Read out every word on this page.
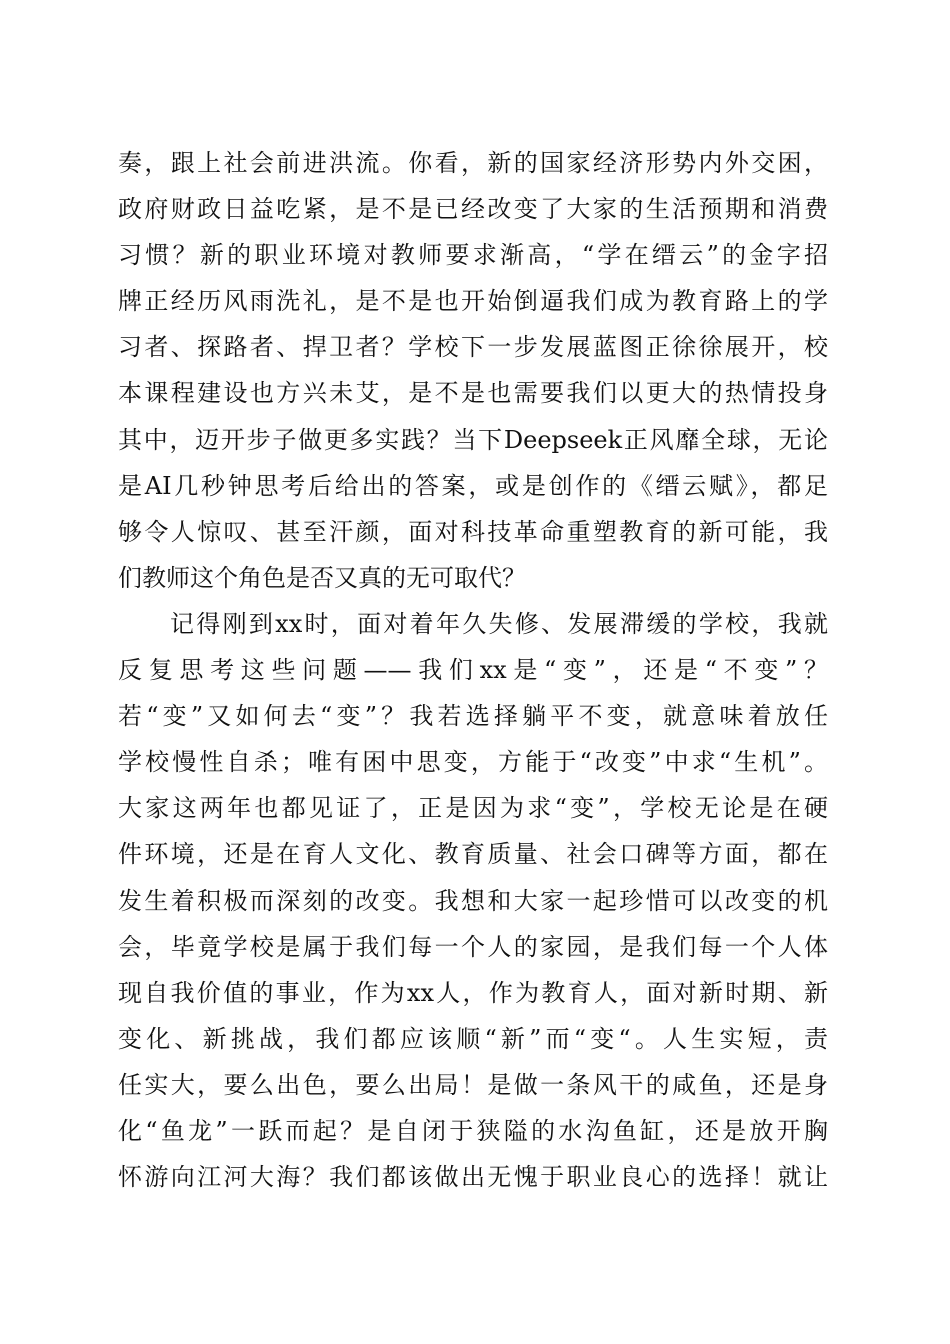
奏，跟上社会前进洪流。你看，新的国家经济形势内外交困，
政府财政日益吃紧，是不是已经改变了大家的生活预期和消费
习惯？新的职业环境对教师要求渐高，“学在缙云”的金字招
牌正经历风雨洗礼，是不是也开始倒逼我们成为教育路上的学
习者、探路者、捍卫者？学校下一步发展蓝图正徐徐展开，校
本课程建设也方兴未艾，是不是也需要我们以更大的热情投身
其中，迈开步子做更多实践？当下Deepseek正风靡全球，无论
是AI几秒钟思考后给出的答案，或是创作的《缙云赋》，都足
够令人惊叹、甚至汗颜，面对科技革命重塑教育的新可能，我
们教师这个角色是否又真的无可取代？
记得刚到xx时，面对着年久失修、发展滞缓的学校，我就
反复思考这些问题——我们xx是“变”，还是“不变”？
若“变”又如何去“变”？我若选择躺平不变，就意味着放任
学校慢性自杀；唯有困中思变，方能于“改变”中求“生机”。
大家这两年也都见证了，正是因为求“变”，学校无论是在硬
件环境，还是在育人文化、教育质量、社会口碑等方面，都在
发生着积极而深刻的改变。我想和大家一起珍惜可以改变的机
会，毕竟学校是属于我们每一个人的家园，是我们每一个人体
现自我价值的事业，作为xx人，作为教育人，面对新时期、新
变化、新挑战，我们都应该顺“新”而“变“。人生实短，责
任实大，要么出色，要么出局！是做一条风干的咸鱼，还是身
化“鱼龙”一跃而起？是自闭于狭隘的水沟鱼缸，还是放开胸
怀游向江河大海？我们都该做出无愧于职业良心的选择！就让
